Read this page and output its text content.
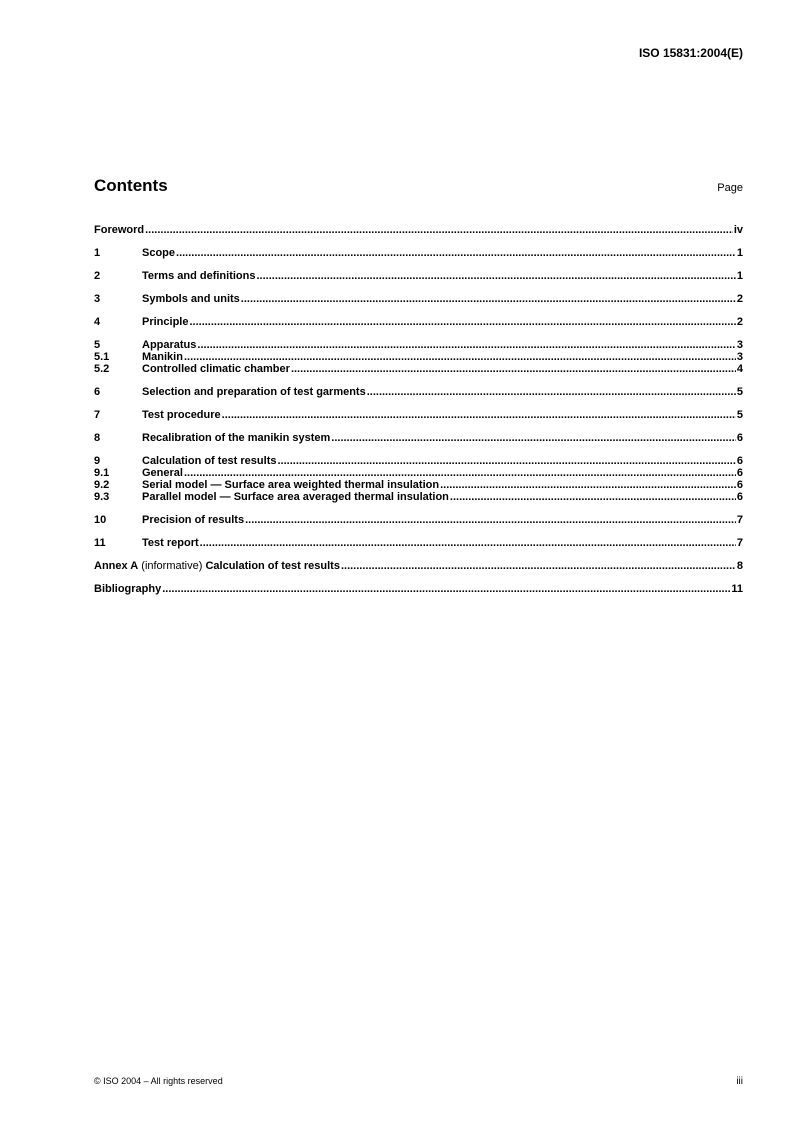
ISO 15831:2004(E)
Contents	Page
Foreword .....	iv
1	Scope .....	1
2	Terms and definitions .....	1
3	Symbols and units .....	2
4	Principle .....	2
5	Apparatus .....	3
5.1	Manikin .....	3
5.2	Controlled climatic chamber .....	4
6	Selection and preparation of test garments .....	5
7	Test procedure .....	5
8	Recalibration of the manikin system .....	6
9	Calculation of test results .....	6
9.1	General .....	6
9.2	Serial model — Surface area weighted thermal insulation .....	6
9.3	Parallel model — Surface area averaged thermal insulation .....	6
10	Precision of results .....	7
11	Test report .....	7
Annex A (informative) Calculation of test results .....	8
Bibliography .....	11
© ISO 2004 – All rights reserved	iii
